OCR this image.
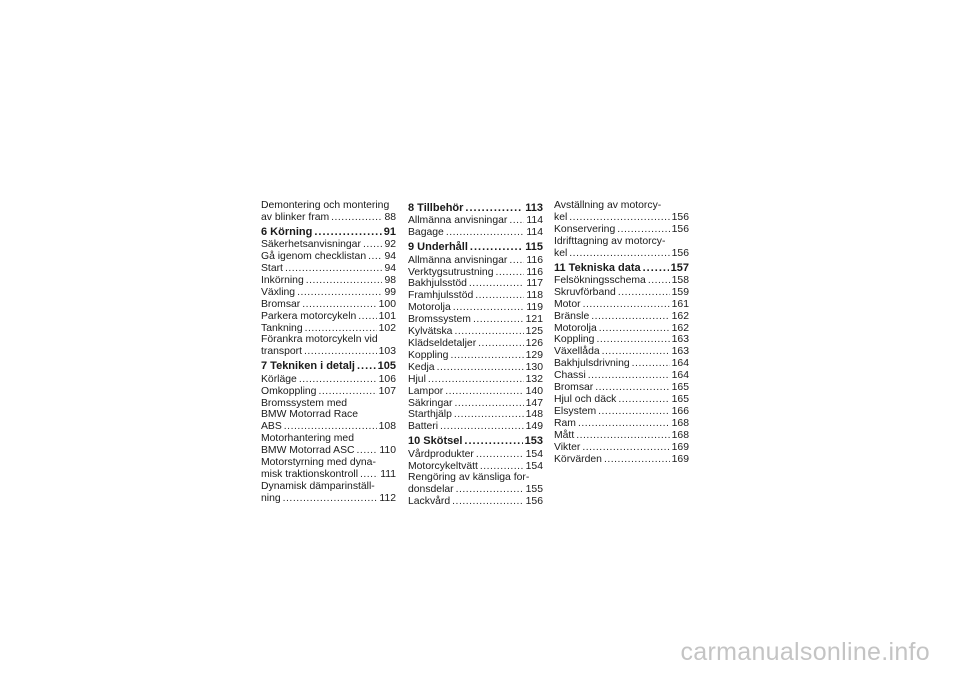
Demontering och montering
av blinker fram .....	88
6 Körning .....	91
Säkerhetsanvisningar ..... 92
Gå igenom checklistan ..... 94
Start .....	94
Inkörning .....	98
Växling .....	99
Bromsar .....	100
Parkera motorcykeln ..... 101
Tankning .....	102
Förankra motorcykeln vid
transport .....	103
7 Tekniken i detalj ..... 105
Körläge .....	106
Omkoppling .....	107
Bromssystem med
BMW Motorrad Race
ABS .....	108
Motorhantering med
BMW Motorrad ASC ..... 110
Motorstyrning med dyna-
misk traktionskontroll ..... 111
Dynamisk dämparinställ-
ning .....	112
8 Tillbehör .....	113
Allmänna anvisningar ..... 114
Bagage .....	114
9 Underhåll .....	115
Allmänna anvisningar ..... 116
Verktygsutrustning .....	116
Bakhjulsstöd .....	117
Framhjulsstöd .....	118
Motorolja .....	119
Bromssystem .....	121
Kylvätska .....	125
Klädseldetaljer .....	126
Koppling .....	129
Kedja .....	130
Hjul .....	132
Lampor .....	140
Säkringar .....	147
Starthjälp .....	148
Batteri .....	149
10 Skötsel .....	153
Vårdprodukter .....	154
Motorcykeltvätt .....	154
Rengöring av känsliga for-
donsdelar .....	155
Lackvård .....	156
Avställning av motorcy-
kel .....	156
Konservering .....	156
Idrifttagning av motorcy-
kel .....	156
11 Tekniska data .....	157
Felsökningsschema ..... 158
Skruvförband .....	159
Motor .....	161
Bränsle .....	162
Motorolja .....	162
Koppling .....	163
Växellåda .....	163
Bakhjulsdrivning .....	164
Chassi .....	164
Bromsar .....	165
Hjul och däck .....	165
Elsystem .....	166
Ram .....	168
Mått .....	168
Vikter .....	169
Körvärden .....	169
carmanualsonline.info
